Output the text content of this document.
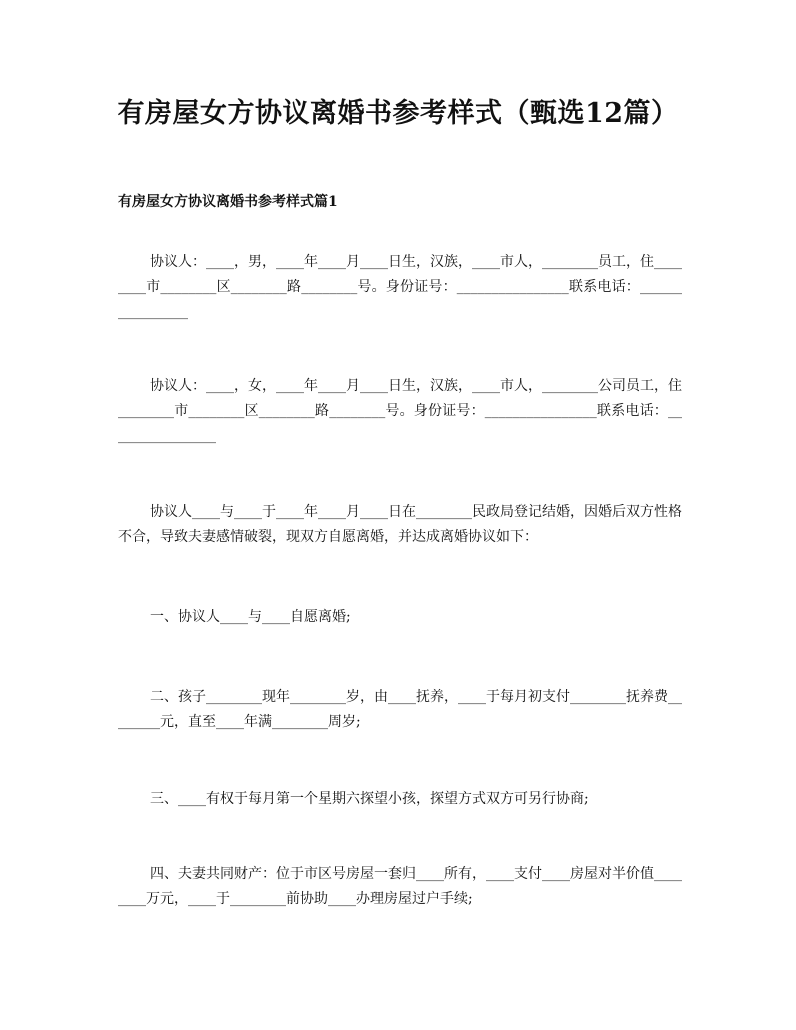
有房屋女方协议离婚书参考样式（甄选12篇）
有房屋女方协议离婚书参考样式篇1
协议人：____，男，____年____月____日生，汉族，____市人，________员工，住________市________区________路________号。身份证号：________________联系电话：________________
协议人：____，女，____年____月____日生，汉族，____市人，________公司员工，住________市________区________路________号。身份证号：________________联系电话：________________
协议人____与____于____年____月____日在________民政局登记结婚，因婚后双方性格不合，导致夫妻感情破裂，现双方自愿离婚，并达成离婚协议如下：
一、协议人____与____自愿离婚;
二、孩子________现年________岁，由____抚养，____于每月初支付________抚养费________元，直至____年满________周岁;
三、____有权于每月第一个星期六探望小孩，探望方式双方可另行协商;
四、夫妻共同财产：位于市区号房屋一套归____所有，____支付____房屋对半价值________万元，____于________前协助____办理房屋过户手续;
